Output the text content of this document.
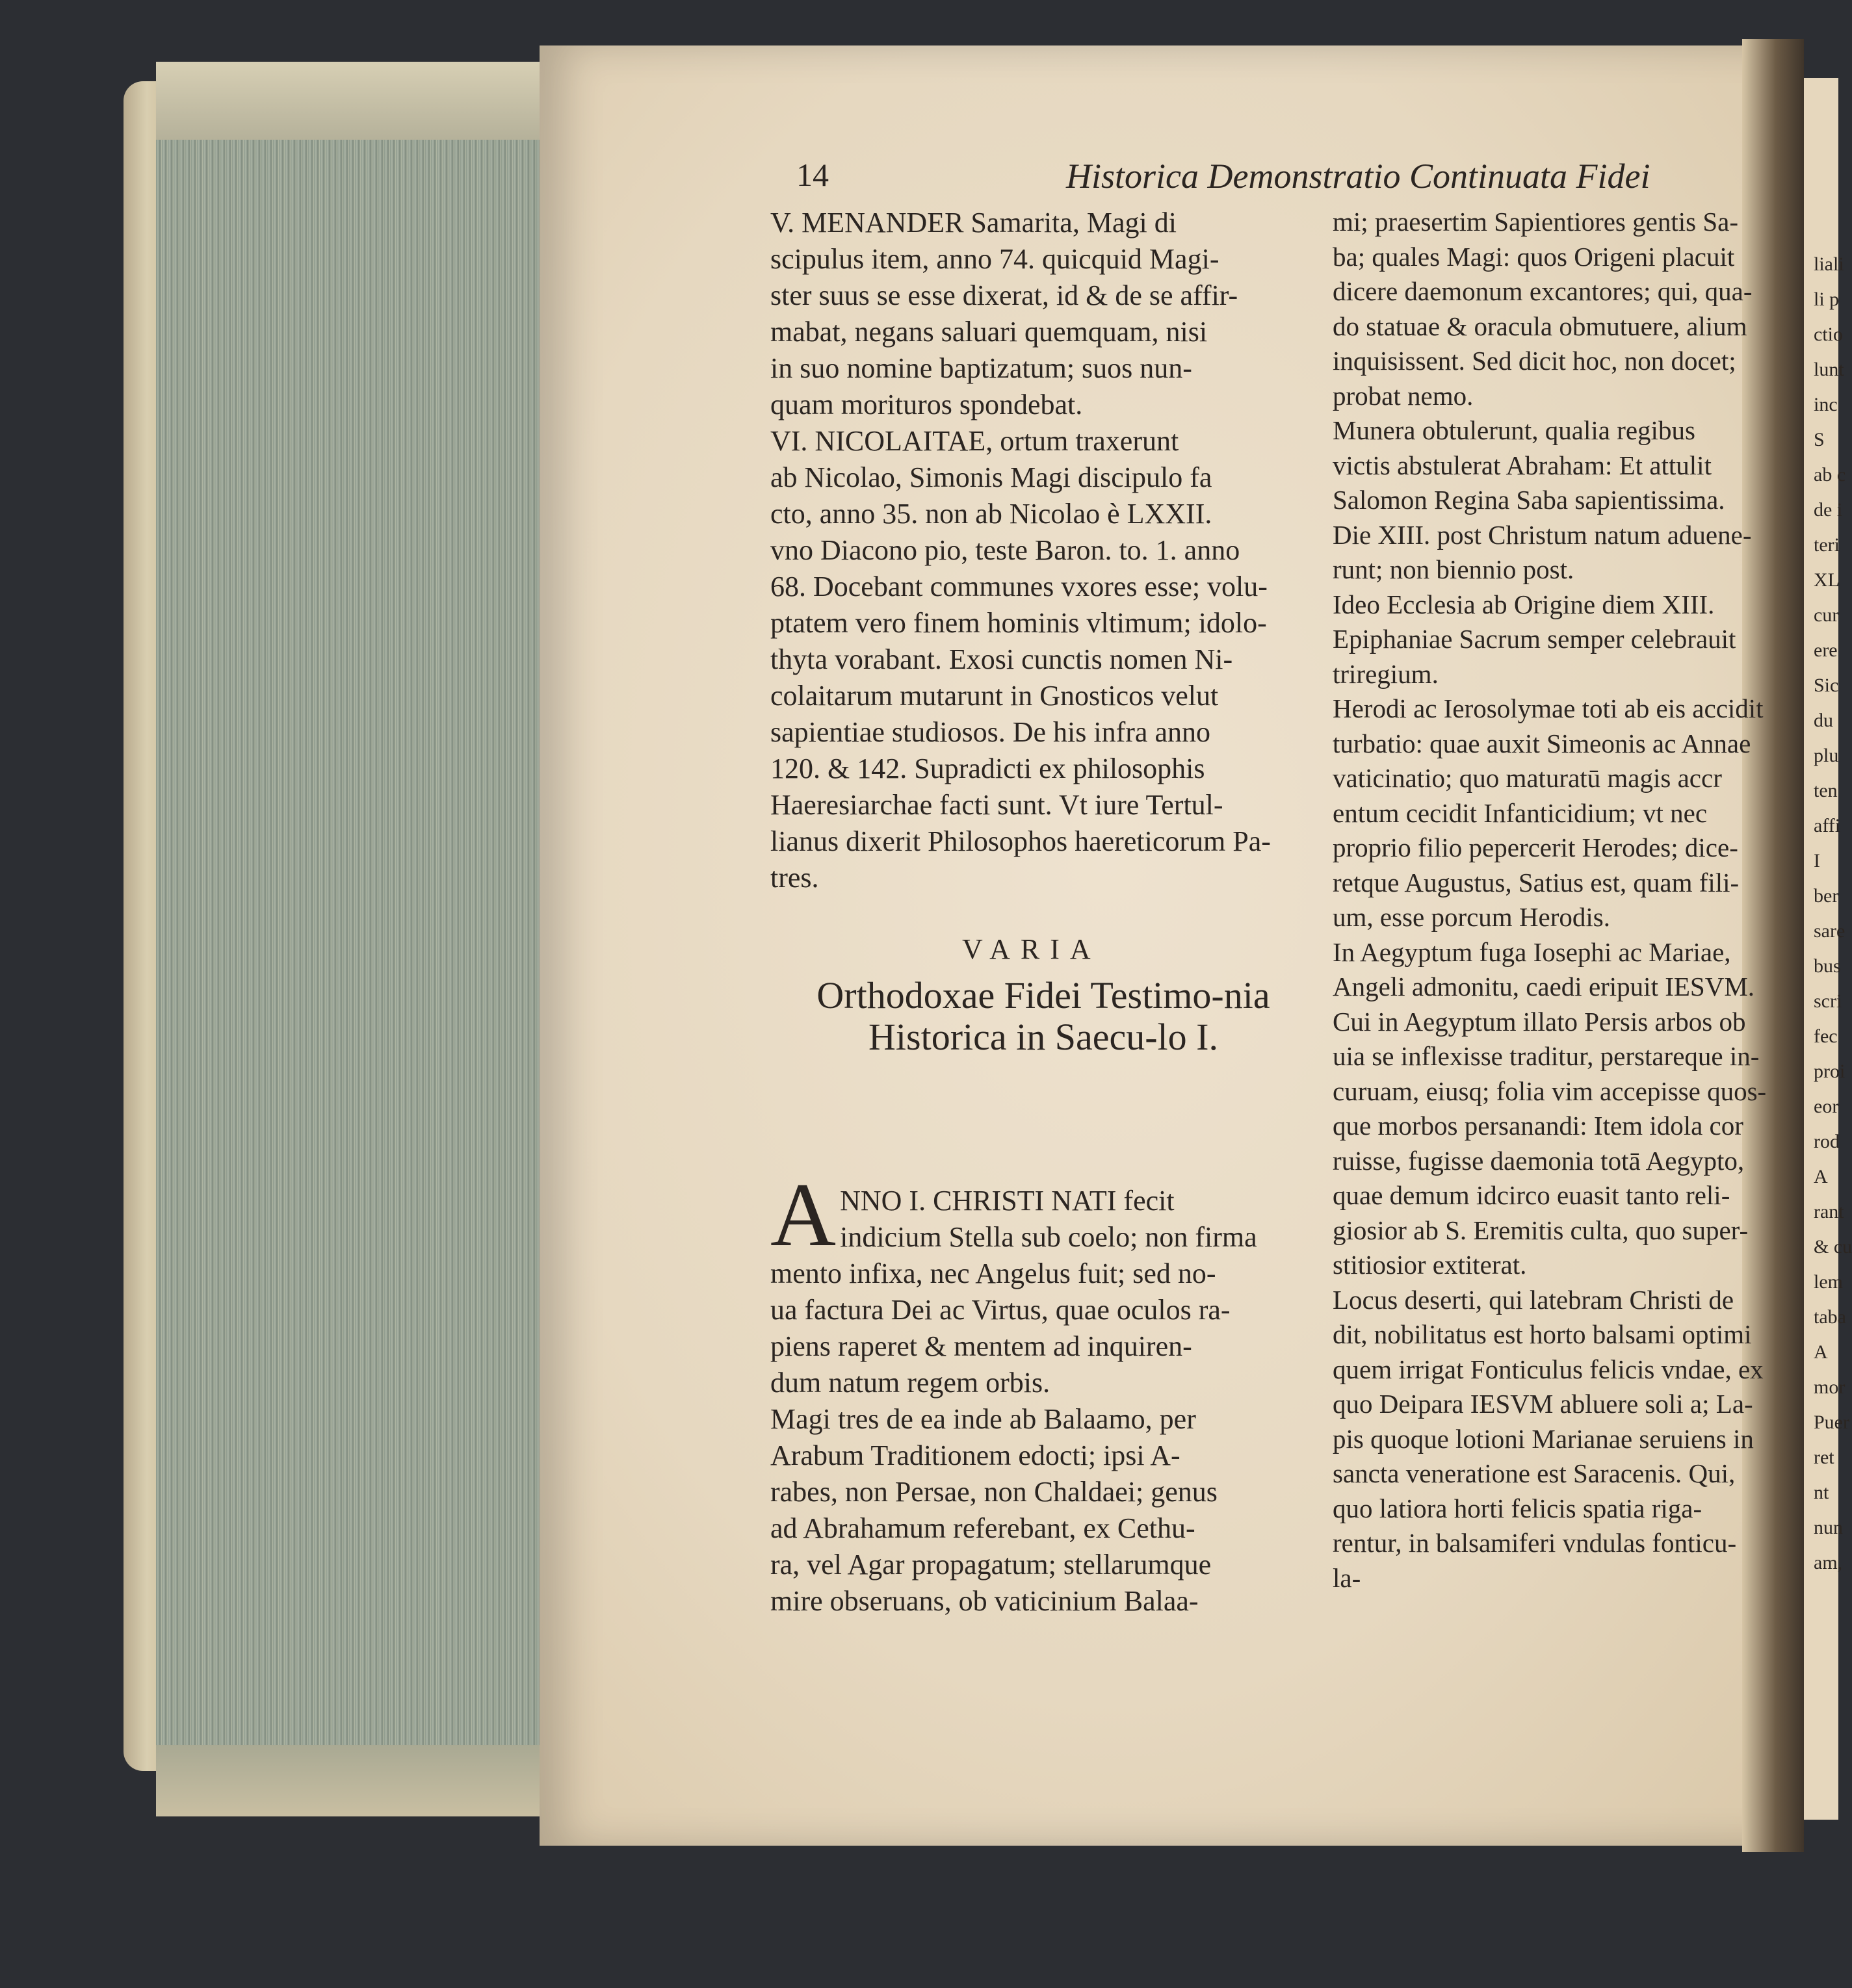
14	Historica Demonstratio Continuata Fidei
V. MENANDER Samarita, Magi di
scipulus item, anno 74. quicquid Magi-
ster suus se esse dixerat, id & de se affir-
mabat, negans saluari quemquam, nisi
in suo nomine baptizatum; suos nun-
quam morituros spondebat.
VI. NICOLAITAE, ortum traxerunt
ab Nicolao, Simonis Magi discipulo fa
cto, anno 35. non ab Nicolao è LXXII.
vno Diacono pio, teste Baron. to. 1. anno
68. Docebant communes vxores esse; volu-
ptatem vero finem hominis vltimum; idolo-
thyta vorabant. Exosi cunctis nomen Ni-
colaitarum mutarunt in Gnosticos velut
sapientiae studiosos. De his infra anno
120. & 142. Supradicti ex philosophis
Haeresiarchae facti sunt. Vt iure Tertul-
lianus dixerit Philosophos haereticorum Pa-
tres.
VARIA
Orthodoxae Fidei Testimo-nia Historica in Saecu-lo I.
A NNO I. CHRISTI NATI fecit
indicium Stella sub coelo; non firma
mento infixa, nec Angelus fuit; sed no-
ua factura Dei ac Virtus, quae oculos ra-
piens raperet & mentem ad inquiren-
dum natum regem orbis.
Magi tres de ea inde ab Balaamo, per
Arabum Traditionem edocti; ipsi A-
rabes, non Persae, non Chaldaei; genus
ad Abrahamum referebant, ex Cethu-
ra, vel Agar propagatum; stellarumque
mire obseruans, ob vaticinium Balaa-
mi; praesertim Sapientiores gentis Sa-
ba; quales Magi: quos Origeni placuit
dicere daemonum excantores; qui, qua-
do statuae & oracula obmutuere, alium
inquisissent. Sed dicit hoc, non docet;
probat nemo.
Munera obtulerunt, qualia regibus
victis abstulerat Abraham: Et attulit
Salomon Regina Saba sapientissima.
Die XIII. post Christum natum aduene-
runt; non biennio post.
Ideo Ecclesia ab Origine diem XIII.
Epiphaniae Sacrum semper celebrauit
triregium.
Herodi ac Ierosolymae toti ab eis accidit
turbatio: quae auxit Simeonis ac Annae
vaticinatio; quo maturatū magis accr
entum cecidit Infanticidium; vt nec
proprio filio pepercerit Herodes; dice-
retque Augustus, Satius est, quam fili-
um, esse porcum Herodis.
In Aegyptum fuga Iosephi ac Mariae,
Angeli admonitu, caedi eripuit IESVM.
Cui in Aegyptum illato Persis arbos ob
uia se inflexisse traditur, perstareque in-
curuam, eiusq; folia vim accepisse quos-
que morbos persanandi: Item idola cor
ruisse, fugisse daemonia totā Aegypto,
quae demum idcirco euasit tanto reli-
giosior ab S. Eremitis culta, quo super-
stitiosior extiterat.
Locus deserti, qui latebram Christi de
dit, nobilitatus est horto balsami optimi
quem irrigat Fonticulus felicis vndae, ex
quo Deipara IESVM abluere soli a; La-
pis quoque lotioni Marianae seruiens in
sancta veneratione est Saracenis. Qui,
quo latiora horti felicis spatia riga-
rentur, in balsamiferi vndulas fonticu-
la-
liali
li p
ctio
lunt
inc
S
ab c
de i
teri
XL
cur
ere
Sic
du
plu
ten
affi
I
ber
sare
bus
scri
fec
proi
eor
rod
A
rant
& cu
lem
taba
A
mor
Puer
ret
nt
nun
am,
